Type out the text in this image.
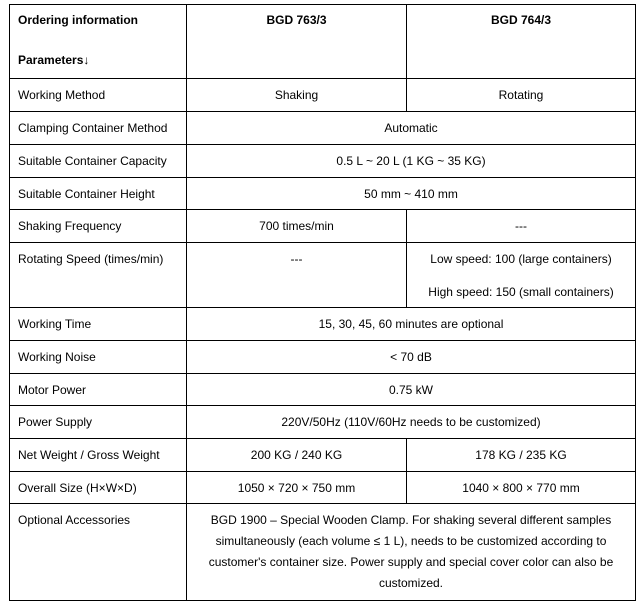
Ordering information
Parameters↓	BGD 763/3	BGD 764/3
Working Method	Shaking	Rotating
Clamping Container Method	Automatic	
Suitable Container Capacity	0.5 L ~ 20 L (1 KG ~ 35 KG)	
Suitable Container Height	50 mm ~ 410 mm	
Shaking Frequency	700 times/min	---
Rotating Speed (times/min)	---	Low speed: 100 (large containers)
High speed: 150 (small containers)

Working Time	15, 30, 45, 60 minutes are optional	
Working Noise	< 70 dB	
Motor Power	0.75 kW	
Power Supply	220V/50Hz (110V/60Hz needs to be customized)	
Net Weight / Gross Weight	200 KG / 240 KG	178 KG / 235 KG
Overall Size (H×W×D)	1050 × 720 × 750 mm	1040 × 800 × 770 mm
Optional Accessories	BGD 1900 – Special Wooden Clamp. For shaking several different samples simultaneously (each volume ≤ 1 L), needs to be customized according to customer's container size. Power supply and special cover color can also be customized.	
